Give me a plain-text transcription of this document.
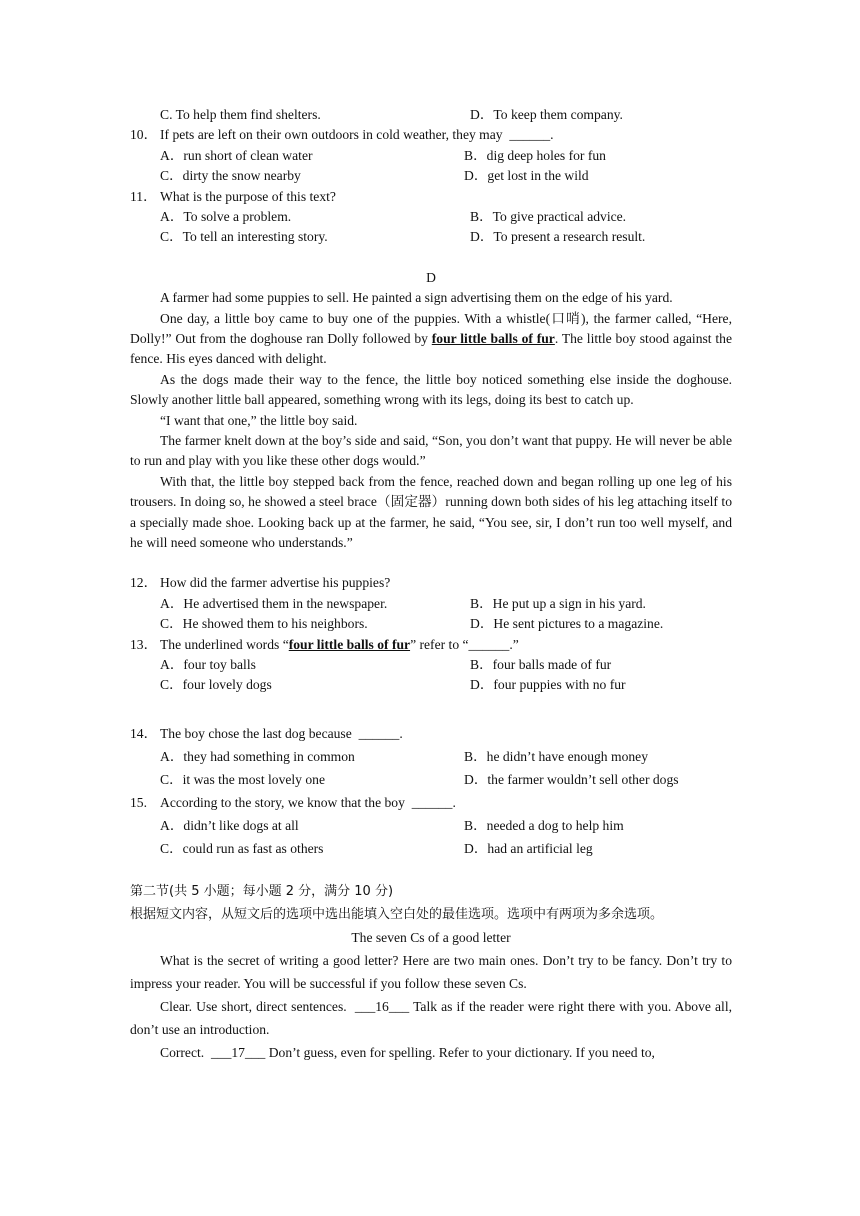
C. To help them find shelters.	D．To keep them company.
10． If pets are left on their own outdoors in cold weather, they may ______.
A．run short of clean water	B．dig deep holes for fun
C．dirty the snow nearby	D．get lost in the wild
11． What is the purpose of this text?
A．To solve a problem.	B．To give practical advice.
C．To tell an interesting story.	D．To present a research result.
D

A farmer had some puppies to sell. He painted a sign advertising them on the edge of his yard.

One day, a little boy came to buy one of the puppies. With a whistle(口哨), the farmer called, “Here, Dolly!” Out from the doghouse ran Dolly followed by four little balls of fur. The little boy stood against the fence. His eyes danced with delight.

As the dogs made their way to the fence, the little boy noticed something else inside the doghouse. Slowly another little ball appeared, something wrong with its legs, doing its best to catch up.

“I want that one,” the little boy said.

The farmer knelt down at the boy’s side and said, “Son, you don’t want that puppy. He will never be able to run and play with you like these other dogs would.”

With that, the little boy stepped back from the fence, reached down and began rolling up one leg of his trousers. In doing so, he showed a steel brace（固定器）running down both sides of his leg attaching itself to a specially made shoe. Looking back up at the farmer, he said, “You see, sir, I don’t run too well myself, and he will need someone who understands.”

12． How did the farmer advertise his puppies?
A．He advertised them in the newspaper.	B．He put up a sign in his yard.
C．He showed them to his neighbors.	D．He sent pictures to a magazine.
13． The underlined words “four little balls of fur” refer to “______.”
A．four toy balls	B．four balls made of fur
C．four lovely dogs	D．four puppies with no fur
14． The boy chose the last dog because ______.
A．they had something in common	B．he didn’t have enough money
C．it was the most lovely one	D．the farmer wouldn’t sell other dogs
15. According to the story, we know that the boy ______.
A．didn’t like dogs at all	B．needed a dog to help him
C．could run as fast as others	D．had an artificial leg
第二节(共 5 小题；每小题 2 分，满分 10 分)
根据短文内容，从短文后的选项中选出能填入空白处的最佳选项。选项中有两项为多余选项。
The seven Cs of a good letter

What is the secret of writing a good letter? Here are two main ones. Don’t try to be fancy. Don’t try to impress your reader. You will be successful if you follow these seven Cs.

Clear. Use short, direct sentences. ___16___ Talk as if the reader were right there with you. Above all, don’t use an introduction.

Correct. ___17___ Don’t guess, even for spelling. Refer to your dictionary. If you need to,
